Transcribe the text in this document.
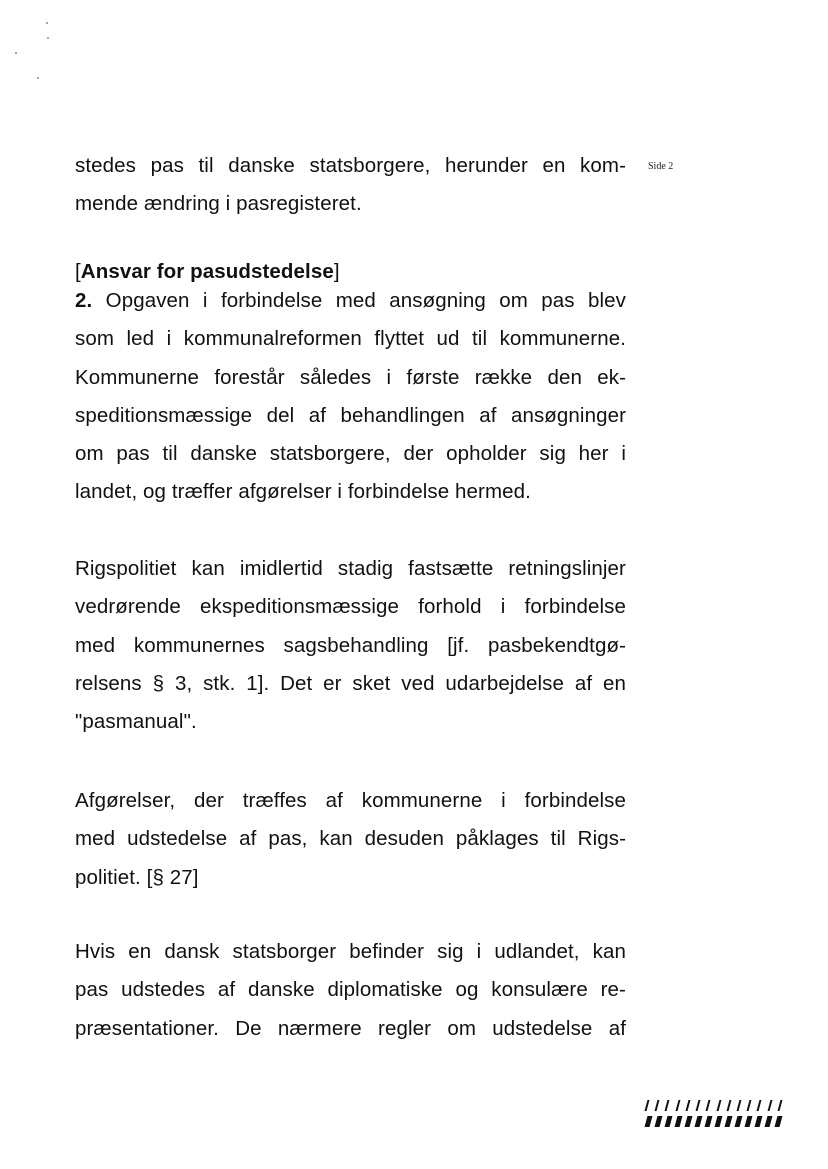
Side 2
stedes pas til danske statsborgere, herunder en kom-
mende ændring i pasregisteret.
[Ansvar for pasudstedelse]
2. Opgaven i forbindelse med ansøgning om pas blev
som led i kommunalreformen flyttet ud til kommunerne.
Kommunerne forestår således i første række den ek-
speditionsmæssige del af behandlingen af ansøgninger
om pas til danske statsborgere, der opholder sig her i
landet, og træffer afgørelser i forbindelse hermed.
Rigspolitiet kan imidlertid stadig fastsætte retningslinjer
vedrørende ekspeditionsmæssige forhold i forbindelse
med kommunernes sagsbehandling [jf. pasbekendtgø-
relsens § 3, stk. 1]. Det er sket ved udarbejdelse af en
"pasmanual".
Afgørelser, der træffes af kommunerne i forbindelse
med udstedelse af pas, kan desuden påklages til Rigs-
politiet. [§ 27]
Hvis en dansk statsborger befinder sig i udlandet, kan
pas udstedes af danske diplomatiske og konsulære re-
præsentationer. De nærmere regler om udstedelse af
